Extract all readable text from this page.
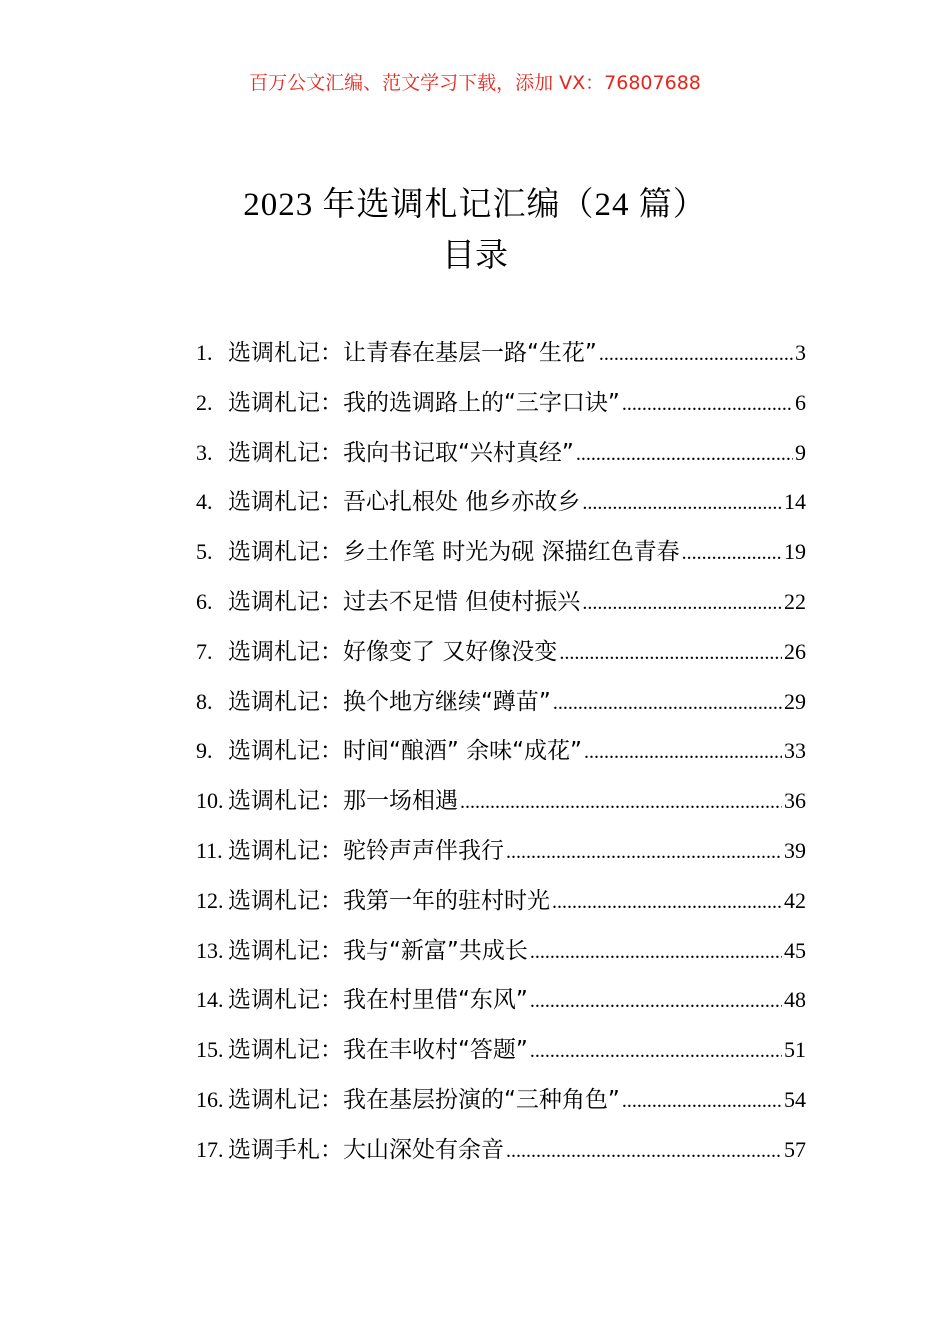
百万公文汇编、范文学习下载，添加 VX：76807688
2023 年选调札记汇编（24 篇）
目录
1. 选调札记：让青春在基层一路“生花” .....	3
2. 选调札记：我的选调路上的“三字口诀” .....	6
3. 选调札记：我向书记取“兴村真经” .....	9
4. 选调札记：吾心扎根处 他乡亦故乡 .....	14
5. 选调札记：乡土作笔 时光为砚 深描红色青春 .....	19
6. 选调札记：过去不足惜 但使村振兴 .....	22
7. 选调札记：好像变了 又好像没变 .....	26
8. 选调札记：换个地方继续“蹲苗” .....	29
9. 选调札记：时间“酿酒” 余味“成花” .....	33
10. 选调札记：那一场相遇 .....	36
11. 选调札记：驼铃声声伴我行 .....	39
12. 选调札记：我第一年的驻村时光 .....	42
13. 选调札记：我与“新富”共成长 .....	45
14. 选调札记：我在村里借“东风” .....	48
15. 选调札记：我在丰收村“答题” .....	51
16. 选调札记：我在基层扮演的“三种角色” .....	54
17. 选调手札：大山深处有余音 .....	57
